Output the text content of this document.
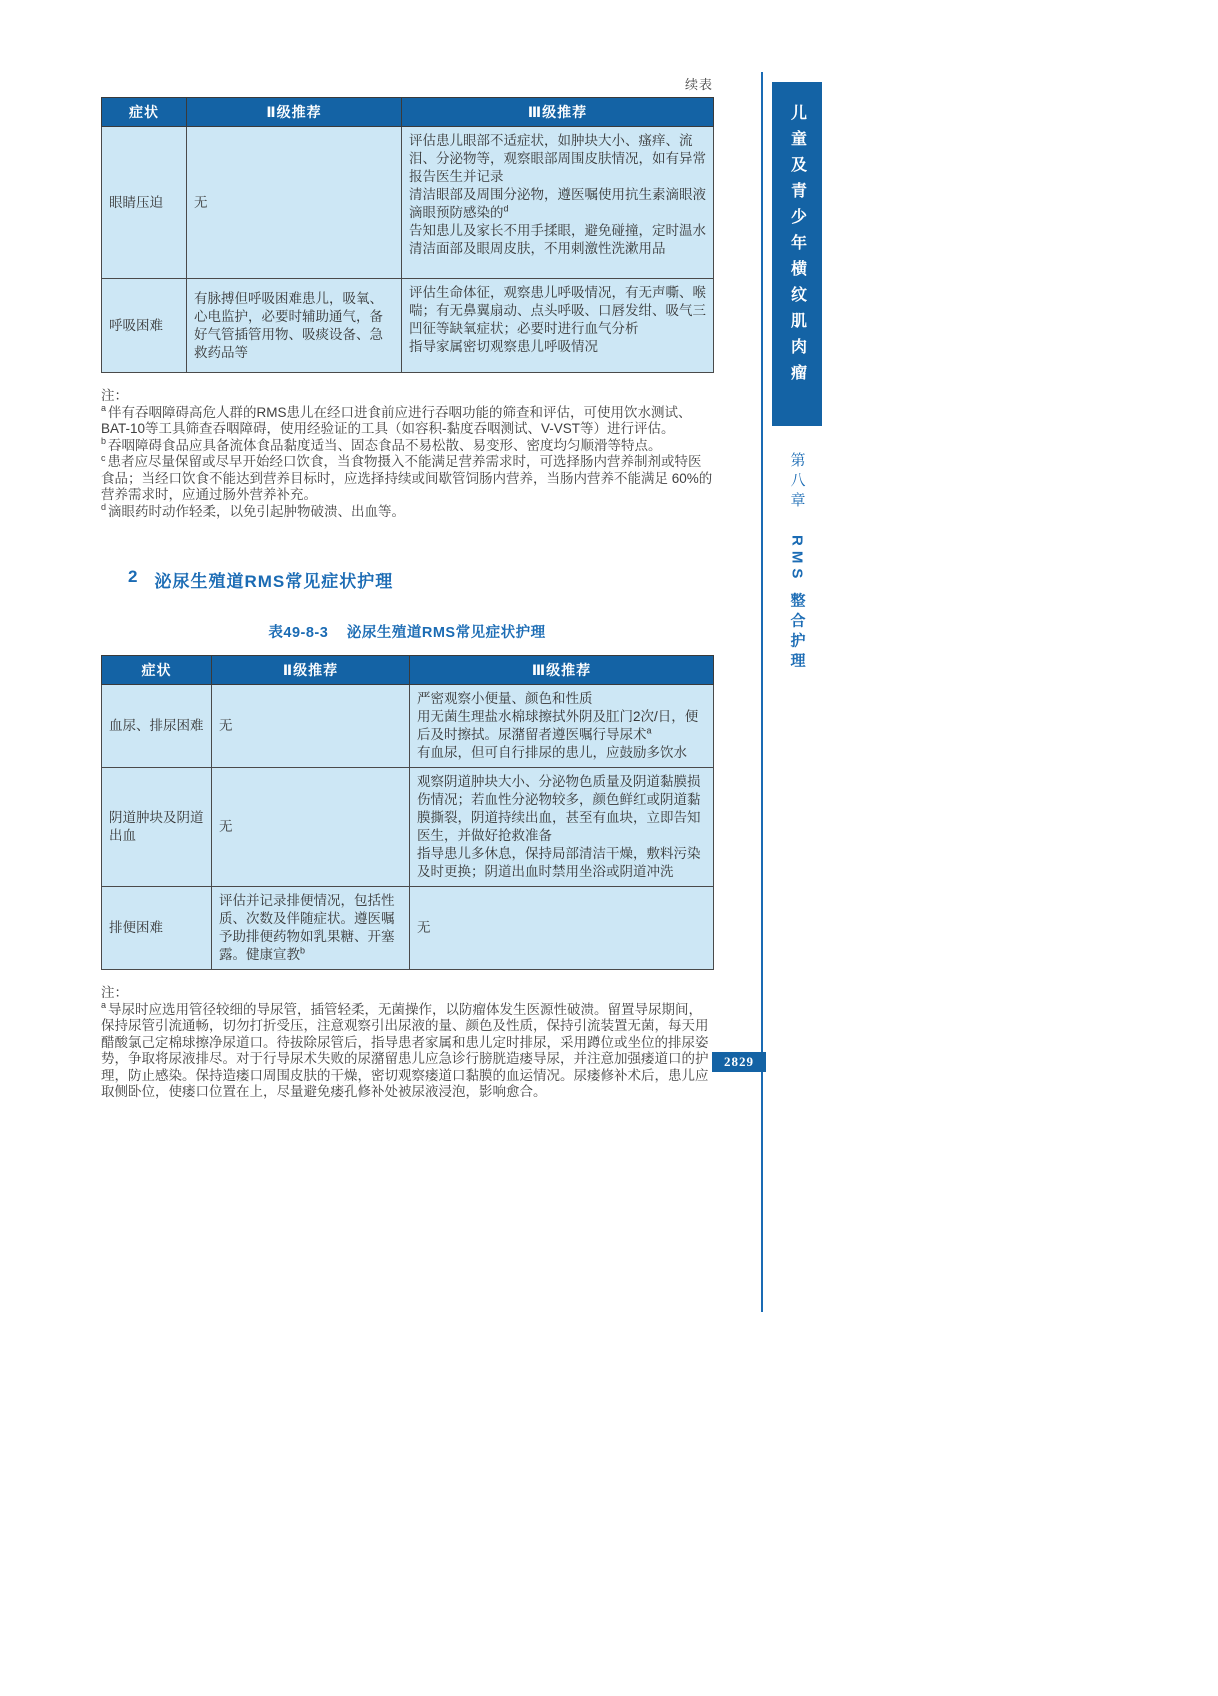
续表
症状	Ⅱ级推荐	Ⅲ级推荐
眼睛压迫	无	评估患儿眼部不适症状，如肿块大小、瘙痒、流泪、分泌物等，观察眼部周围皮肤情况，如有异常报告医生并记录

清洁眼部及周围分泌物，遵医嘱使用抗生素滴眼液滴眼预防感染的$^d$

告知患儿及家长不用手揉眼，避免碰撞，定时温水清洁面部及眼周皮肤，不用刺激性洗漱用品

呼吸困难	有脉搏但呼吸困难患儿，吸氧、心电监护，必要时辅助通气，备好气管插管用物、吸痰设备、急救药品等	评估生命体征，观察患儿呼吸情况，有无声嘶、喉喘；有无鼻翼扇动、点头呼吸、口唇发绀、吸气三凹征等缺氧症状；必要时进行血气分析

指导家属密切观察患儿呼吸情况

注：

$^a$ 伴有吞咽障碍高危人群的RMS患儿在经口进食前应进行吞咽功能的筛查和评估，可使用饮水测试、BAT-10等工具筛查吞咽障碍，使用经验证的工具（如容积-黏度吞咽测试、V-VST等）进行评估。

$^b$ 吞咽障碍食品应具备流体食品黏度适当、固态食品不易松散、易变形、密度均匀顺滑等特点。

$^c$ 患者应尽量保留或尽早开始经口饮食，当食物摄入不能满足营养需求时，可选择肠内营养制剂或特医食品；当经口饮食不能达到营养目标时，应选择持续或间歇管饲肠内营养，当肠内营养不能满足 60%的营养需求时，应通过肠外营养补充。

$^d$ 滴眼药时动作轻柔，以免引起肿物破溃、出血等。

2 泌尿生殖道RMS常见症状护理
表49-8-3 泌尿生殖道RMS常见症状护理
症状	Ⅱ级推荐	Ⅲ级推荐
血尿、排尿困难	无	严密观察小便量、颜色和性质

用无菌生理盐水棉球擦拭外阴及肛门2次/日，便后及时擦拭。尿潴留者遵医嘱行导尿术$^a$

有血尿，但可自行排尿的患儿，应鼓励多饮水

阴道肿块及阴道出血	无	观察阴道肿块大小、分泌物色质量及阴道黏膜损伤情况；若血性分泌物较多，颜色鲜红或阴道黏膜撕裂，阴道持续出血，甚至有血块，立即告知医生，并做好抢救准备

指导患儿多休息，保持局部清洁干燥，敷料污染及时更换；阴道出血时禁用坐浴或阴道冲洗

排便困难	评估并记录排便情况，包括性质、次数及伴随症状。遵医嘱予助排便药物如乳果糖、开塞露。健康宣教$^b$	无

注：

$^a$ 导尿时应选用管径较细的导尿管，插管轻柔，无菌操作，以防瘤体发生医源性破溃。留置导尿期间，保持尿管引流通畅，切勿打折受压，注意观察引出尿液的量、颜色及性质，保持引流装置无菌，每天用醋酸氯己定棉球擦净尿道口。待拔除尿管后，指导患者家属和患儿定时排尿，采用蹲位或坐位的排尿姿势，争取将尿液排尽。对于行导尿术失败的尿潴留患儿应急诊行膀胱造瘘导尿，并注意加强瘘道口的护理，防止感染。保持造瘘口周围皮肤的干燥，密切观察瘘道口黏膜的血运情况。尿瘘修补术后，患儿应取侧卧位，使瘘口位置在上，尽量避免瘘孔修补处被尿液浸泡，影响愈合。

儿童及青少年横纹肌肉瘤
第八章 RMS 整合护理
2829
